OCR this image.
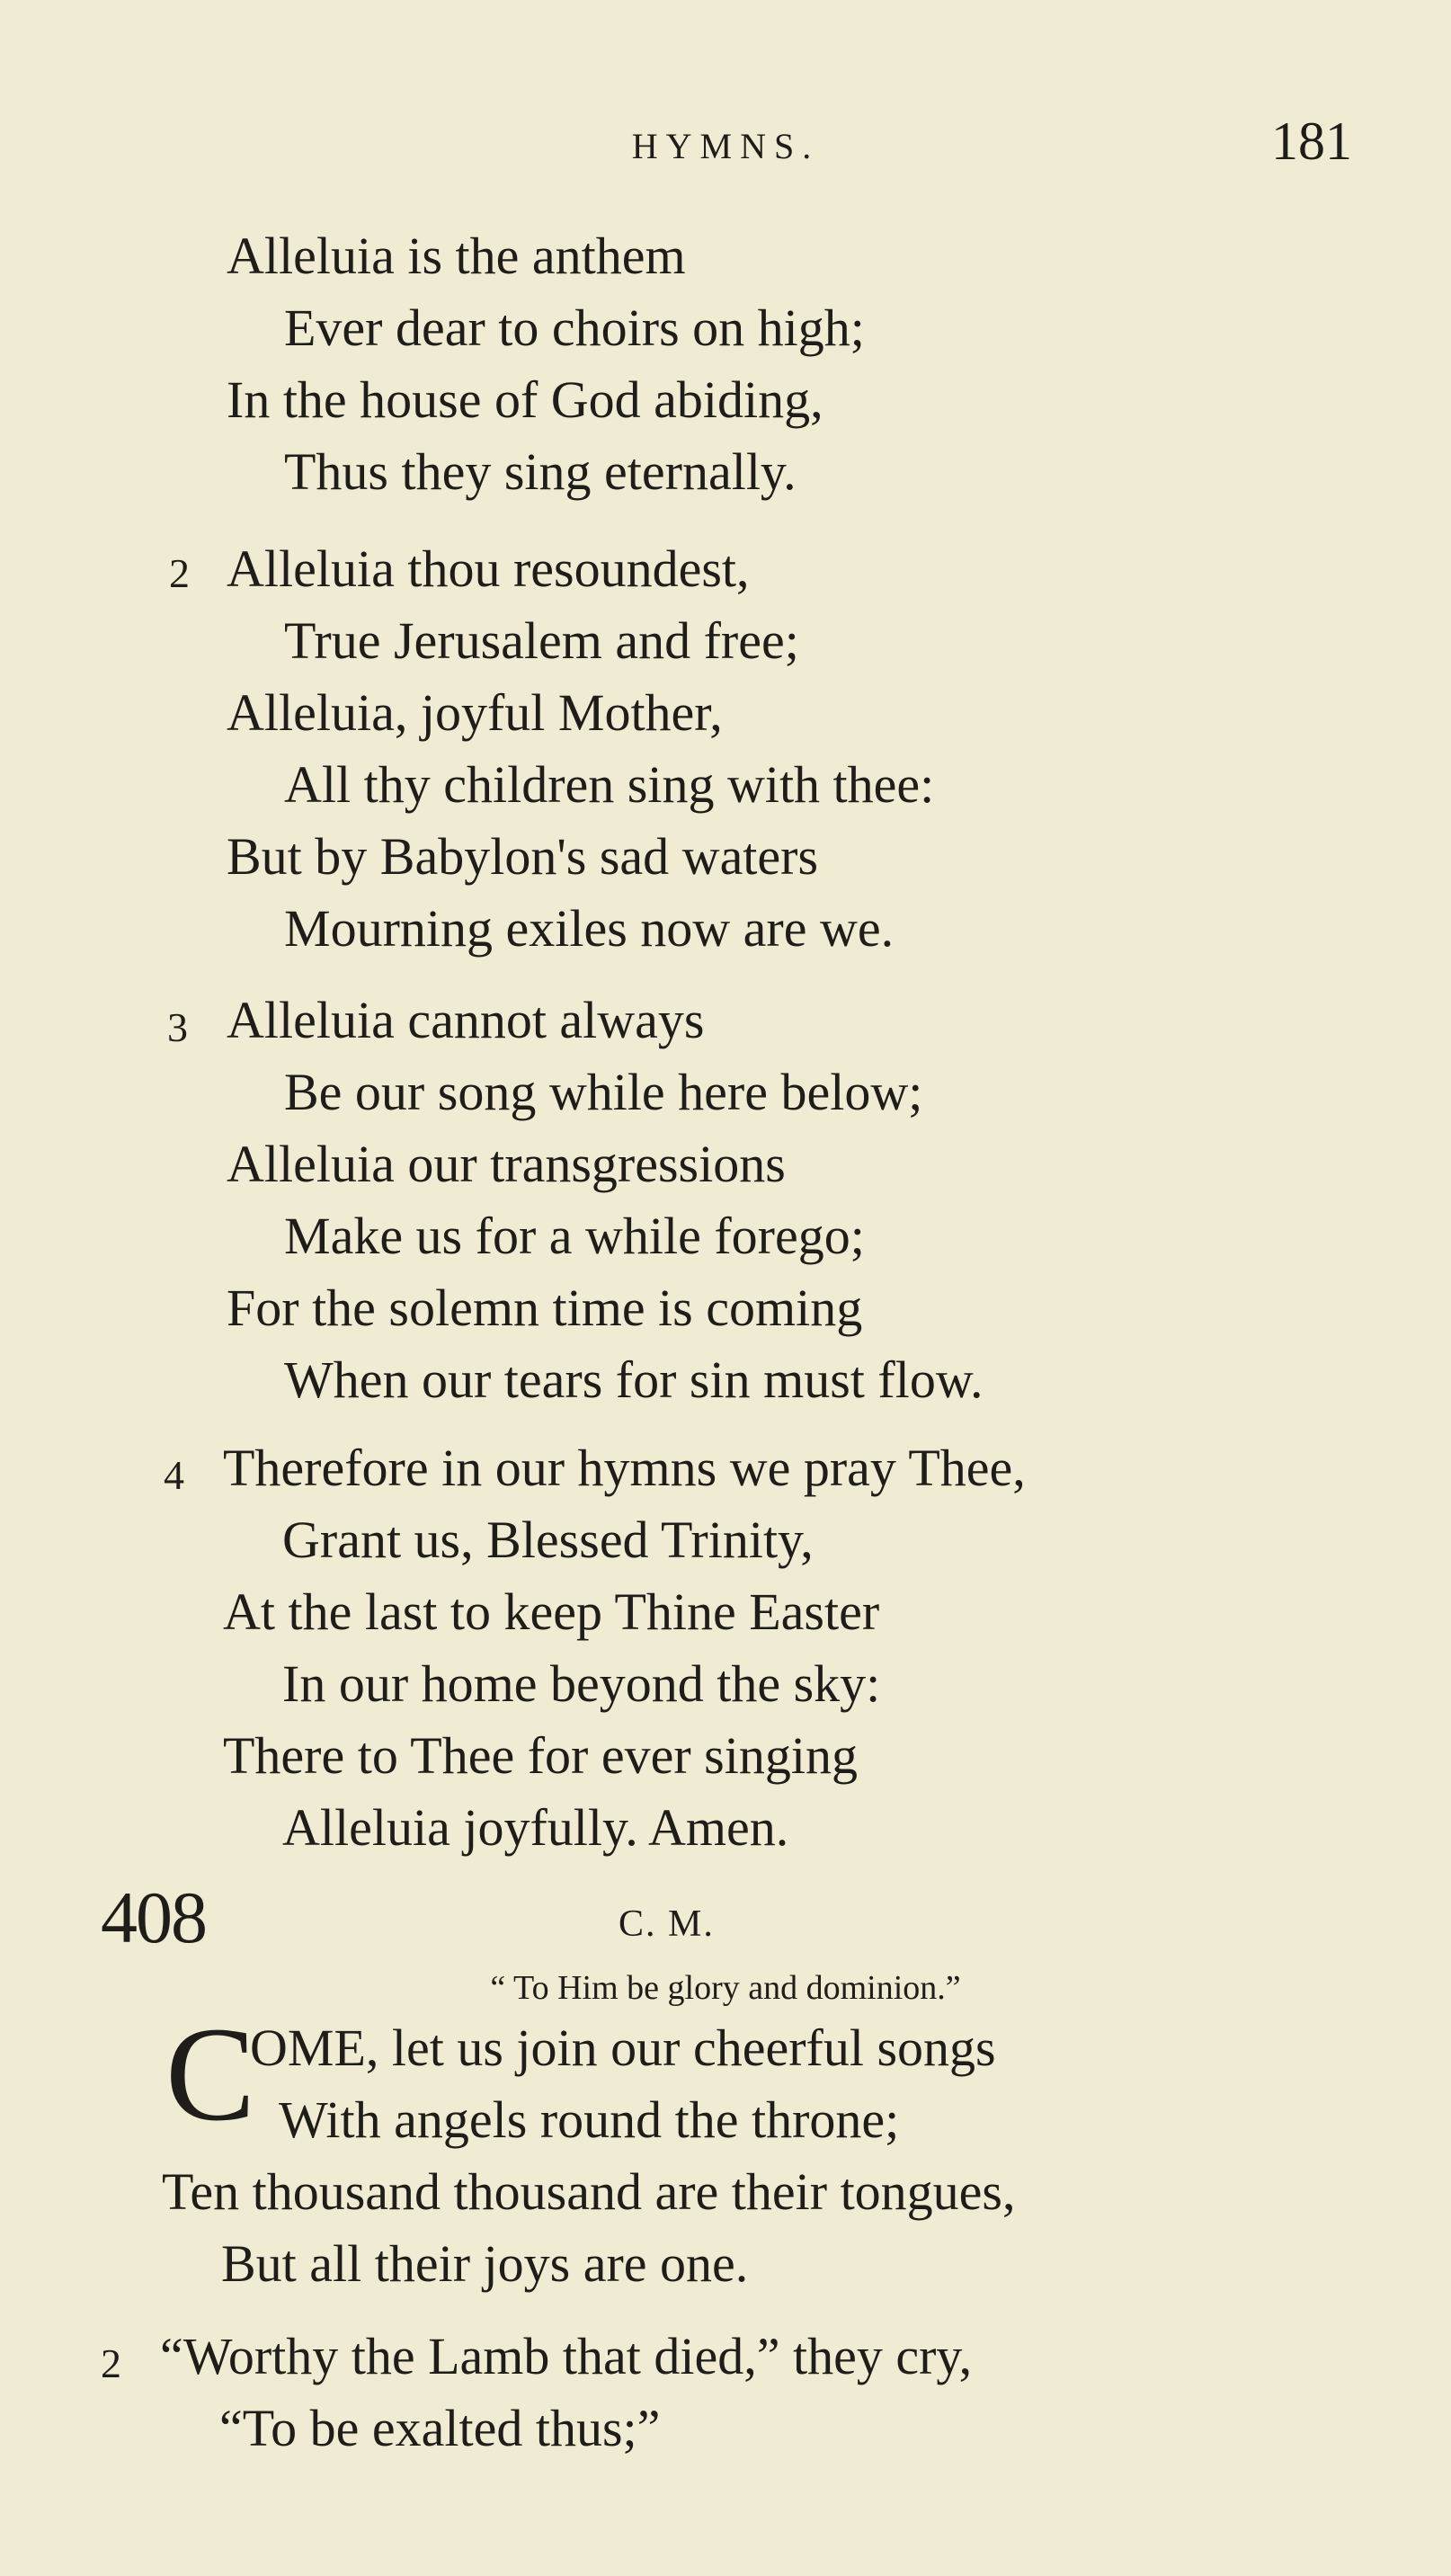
HYMNS.	181
Alleluia is the anthem
Ever dear to choirs on high;
In the house of God abiding,
Thus they sing eternally.
2 Alleluia thou resoundest,
True Jerusalem and free;
Alleluia, joyful Mother,
All thy children sing with thee:
But by Babylon's sad waters
Mourning exiles now are we.
3 Alleluia cannot always
Be our song while here below;
Alleluia our transgressions
Make us for a while forego;
For the solemn time is coming
When our tears for sin must flow.
4 Therefore in our hymns we pray Thee,
Grant us, Blessed Trinity,
At the last to keep Thine Easter
In our home beyond the sky:
There to Thee for ever singing
Alleluia joyfully. Amen.
408	C. M.
“ To Him be glory and dominion.”
C
OME, let us join our cheerful songs
With angels round the throne;
Ten thousand thousand are their tongues,
But all their joys are one.
2 “Worthy the Lamb that died,” they cry,
“To be exalted thus;”
